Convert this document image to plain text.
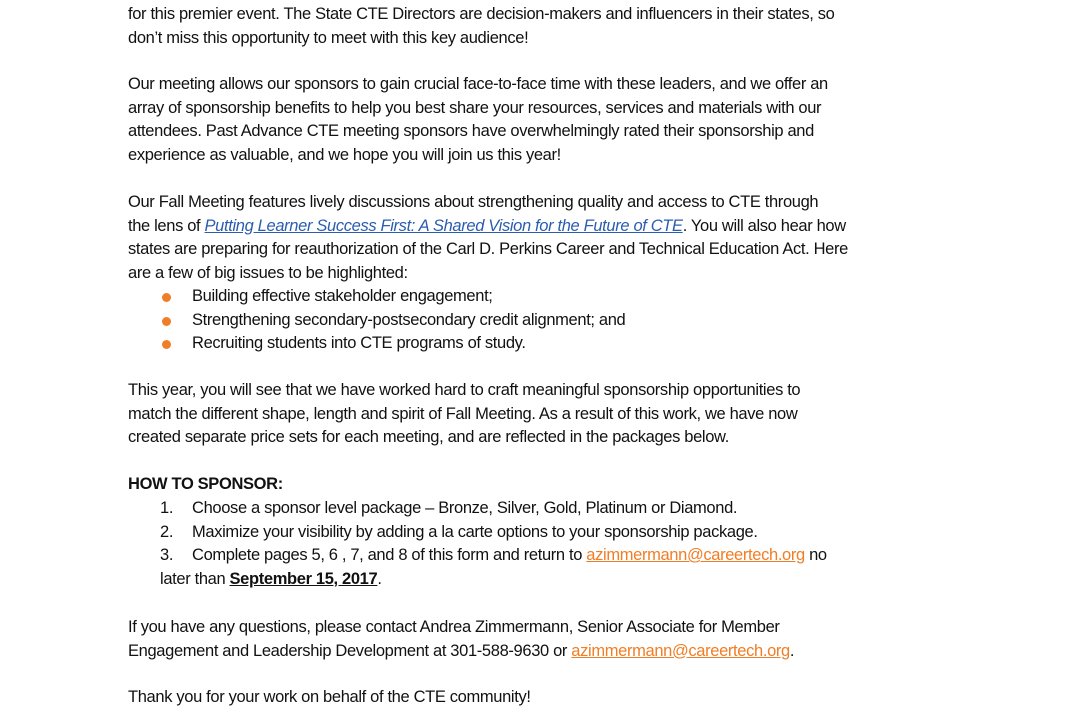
for this premier event. The State CTE Directors are decision-makers and influencers in their states, so
don’t miss this opportunity to meet with this key audience!

Our meeting allows our sponsors to gain crucial face-to-face time with these leaders, and we offer an
array of sponsorship benefits to help you best share your resources, services and materials with our
attendees. Past Advance CTE meeting sponsors have overwhelmingly rated their sponsorship and
experience as valuable, and we hope you will join us this year!

Our Fall Meeting features lively discussions about strengthening quality and access to CTE through
the lens of Putting Learner Success First: A Shared Vision for the Future of CTE. You will also hear how
states are preparing for reauthorization of the Carl D. Perkins Career and Technical Education Act. Here
are a few of big issues to be highlighted:

Building effective stakeholder engagement;
Strengthening secondary-postsecondary credit alignment; and
Recruiting students into CTE programs of study.

This year, you will see that we have worked hard to craft meaningful sponsorship opportunities to
match the different shape, length and spirit of Fall Meeting. As a result of this work, we have now
created separate price sets for each meeting, and are reflected in the packages below.

HOW TO SPONSOR:

1. Choose a sponsor level package – Bronze, Silver, Gold, Platinum or Diamond.
2. Maximize your visibility by adding a la carte options to your sponsorship package.
3. Complete pages 5, 6 , 7, and 8 of this form and return to azimmermann@careertech.org no

later than September 15, 2017.

If you have any questions, please contact Andrea Zimmermann, Senior Associate for Member
Engagement and Leadership Development at 301-588-9630 or azimmermann@careertech.org.

Thank you for your work on behalf of the CTE community!
